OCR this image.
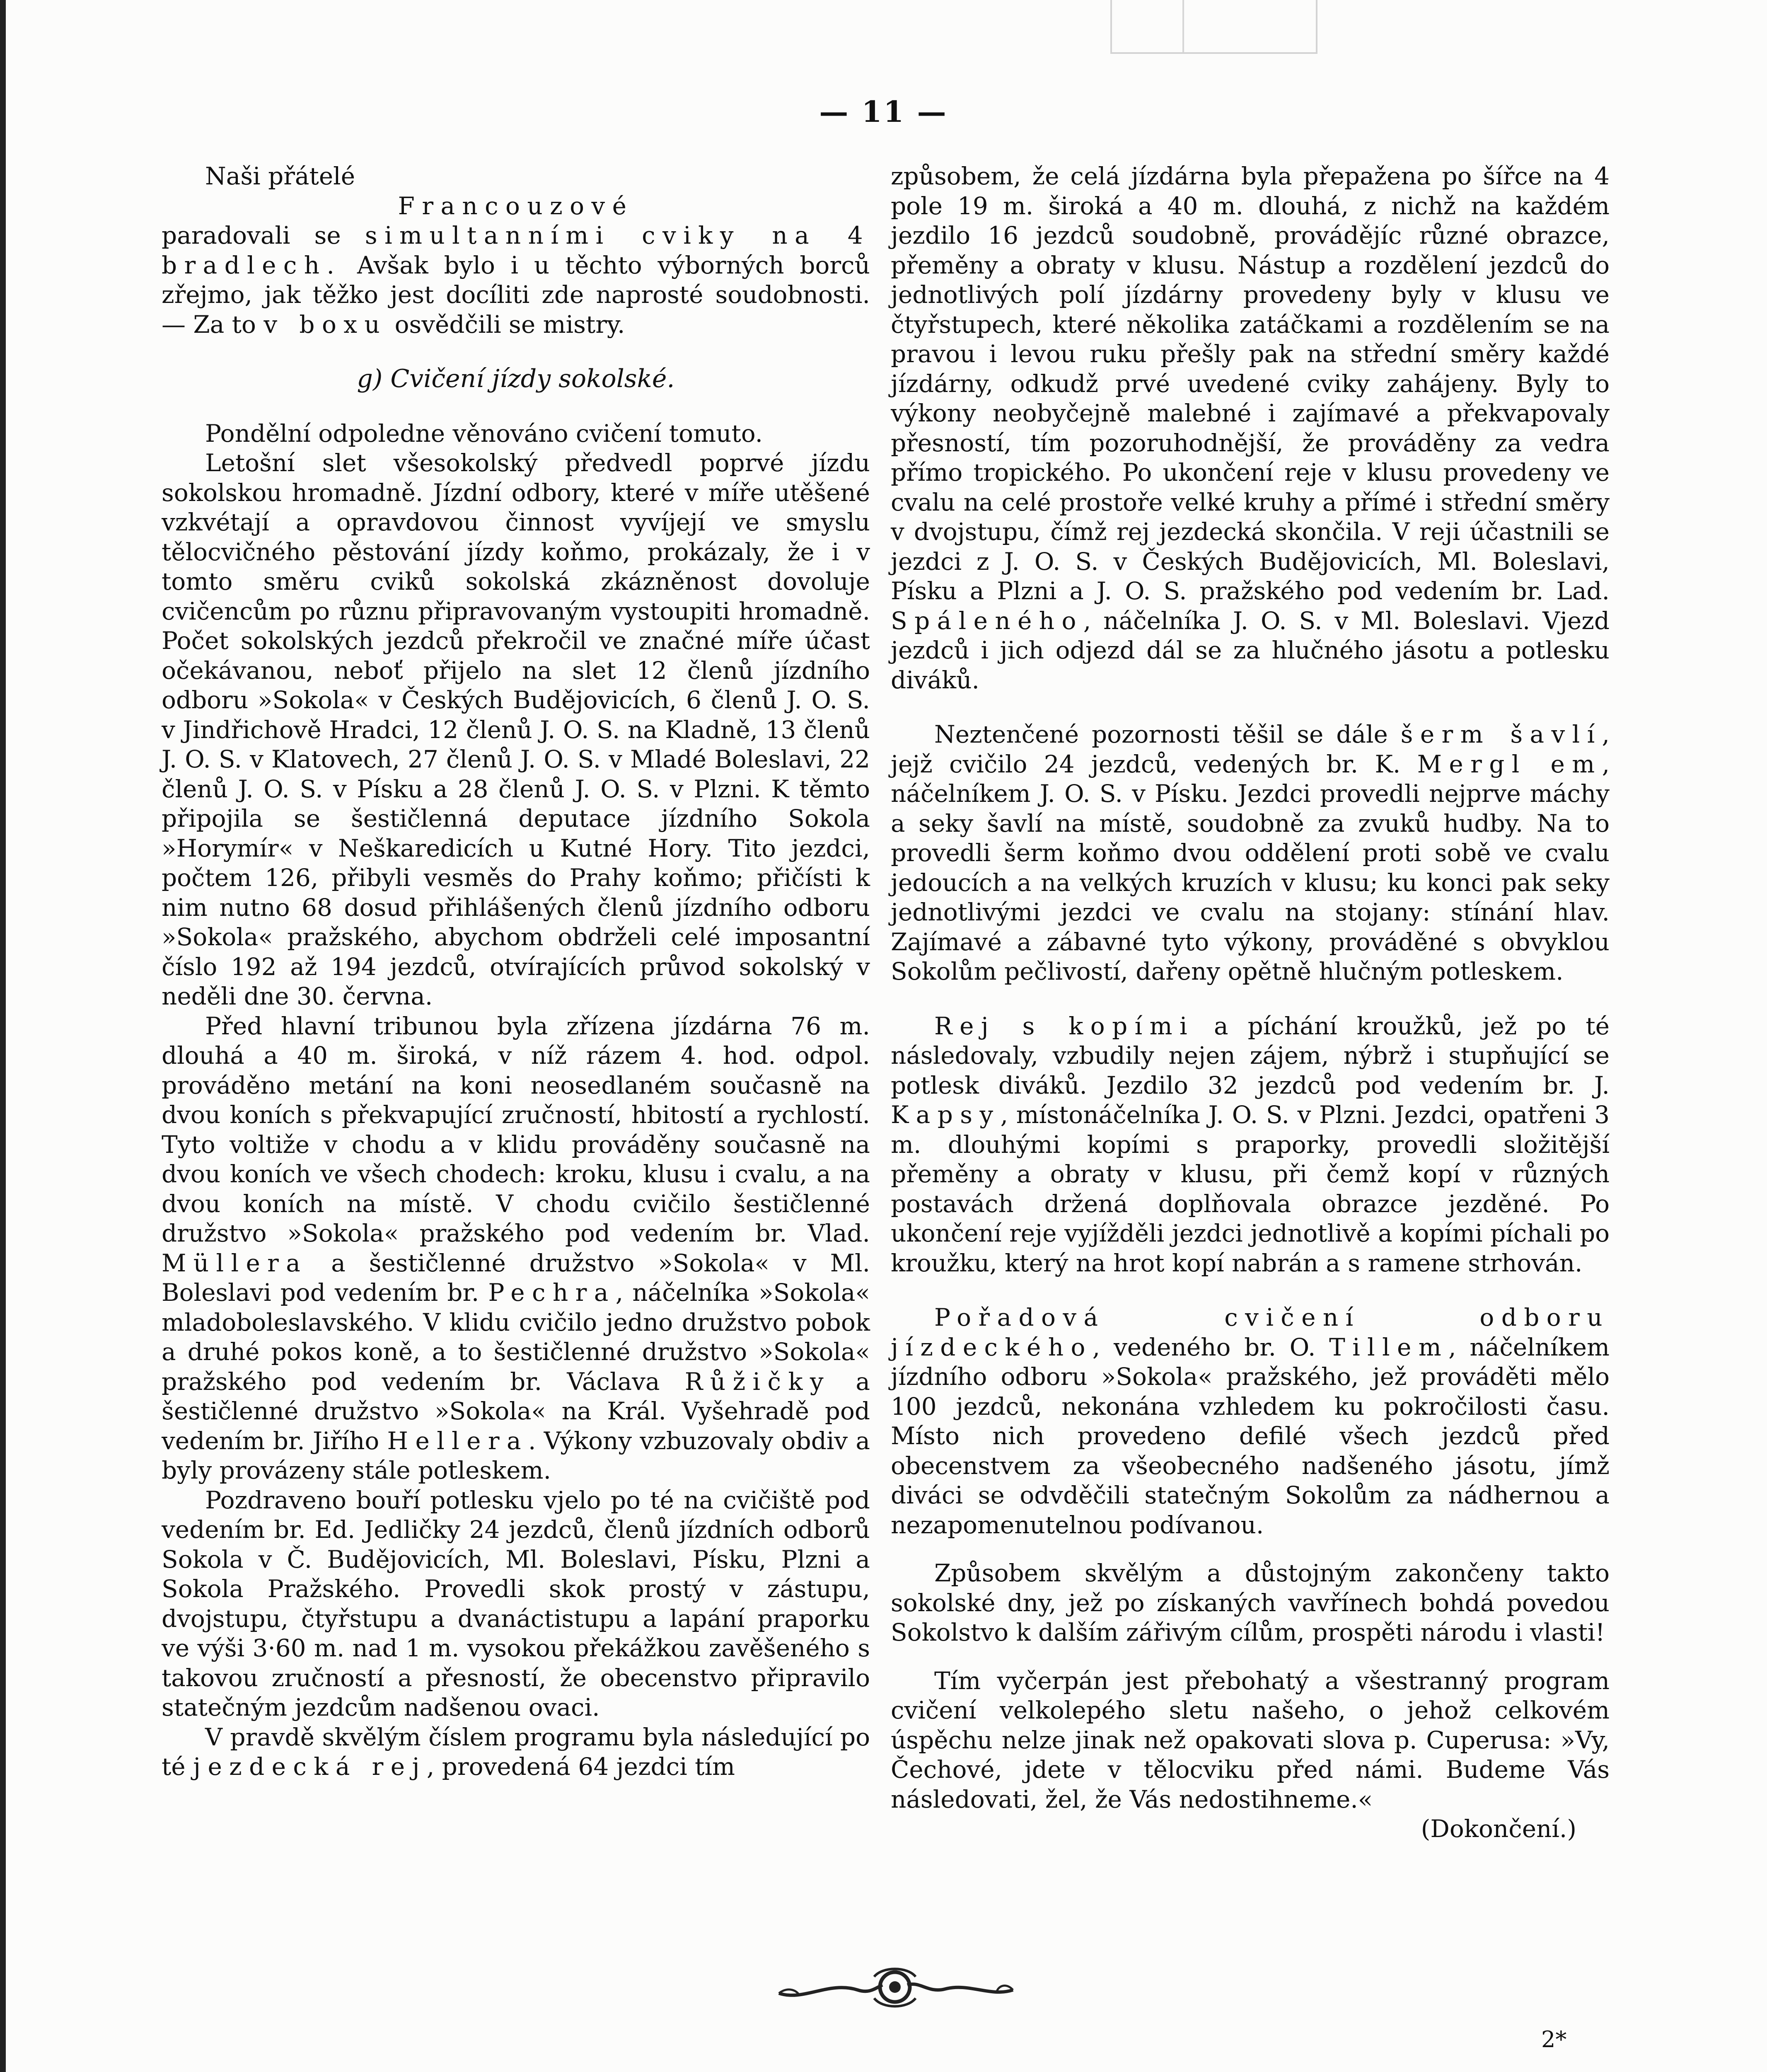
— 11 —

Naši přátelé

Francouzové

paradovali se simultanními cviky na 4 bradlech. Avšak bylo i u těchto výborných borců zřejmo, jak těžko jest docíliti zde naprosté soudobnosti. — Za to v boxu osvědčili se mistry.

g) Cvičení jízdy sokolské.

Pondělní odpoledne věnováno cvičení tomuto.

Letošní slet všesokolský předvedl poprvé jízdu sokolskou hromadně. Jízdní odbory, které v míře utěšené vzkvétají a opravdovou činnost vyvíjejí ve smyslu tělocvičného pěstování jízdy koňmo, prokázaly, že i v tomto směru cviků sokolská zkázněnost dovoluje cvičencům po různu připravovaným vystoupiti hromadně. Počet sokolských jezdců překročil ve značné míře účast očekávanou, neboť přijelo na slet 12 členů jízdního odboru »Sokola« v Českých Budějovicích, 6 členů J. O. S. v Jindřichově Hradci, 12 členů J. O. S. na Kladně, 13 členů J. O. S. v Klatovech, 27 členů J. O. S. v Mladé Boleslavi, 22 členů J. O. S. v Písku a 28 členů J. O. S. v Plzni. K těmto připojila se šestičlenná deputace jízdního Sokola »Horymír« v Neškaredicích u Kutné Hory. Tito jezdci, počtem 126, přibyli vesměs do Prahy koňmo; přičísti k nim nutno 68 dosud přihlášených členů jízdního odboru »Sokola« pražského, abychom obdrželi celé imposantní číslo 192 až 194 jezdců, otvírajících průvod sokolský v neděli dne 30. června.

Před hlavní tribunou byla zřízena jízdárna 76 m. dlouhá a 40 m. široká, v níž rázem 4. hod. odpol. prováděno metání na koni neosedlaném současně na dvou koních s překvapující zručností, hbitostí a rychlostí. Tyto voltiže v chodu a v klidu prováděny současně na dvou koních ve všech chodech: kroku, klusu i cvalu, a na dvou koních na místě. V chodu cvičilo šestičlenné družstvo »Sokola« pražského pod vedením br. Vlad. Müllera a šestičlenné družstvo »Sokola« v Ml. Boleslavi pod vedením br. Pechra, náčelníka »Sokola« mladoboleslavského. V klidu cvičilo jedno družstvo pobok a druhé pokos koně, a to šestičlenné družstvo »Sokola« pražského pod vedením br. Václava Růžičky a šestičlenné družstvo »Sokola« na Král. Vyšehradě pod vedením br. Jiřího Hellera. Výkony vzbuzovaly obdiv a byly provázeny stále potleskem.

Pozdraveno bouří potlesku vjelo po té na cvičiště pod vedením br. Ed. Jedličky 24 jezdců, členů jízdních odborů Sokola v Č. Budějovicích, Ml. Boleslavi, Písku, Plzni a Sokola Pražského. Provedli skok prostý v zástupu, dvojstupu, čtyřstupu a dvanáctistupu a lapání praporku ve výši 3·60 m. nad 1 m. vysokou překážkou zavěšeného s takovou zručností a přesností, že obecenstvo připravilo statečným jezdcům nadšenou ovaci.

V pravdě skvělým číslem programu byla následující po té jezdecká rej, provedená 64 jezdci tím

způsobem, že celá jízdárna byla přepažena po šířce na 4 pole 19 m. široká a 40 m. dlouhá, z nichž na každém jezdilo 16 jezdců soudobně, provádějíc různé obrazce, přeměny a obraty v klusu. Nástup a rozdělení jezdců do jednotlivých polí jízdárny provedeny byly v klusu ve čtyřstupech, které několika zatáčkami a rozdělením se na pravou i levou ruku přešly pak na střední směry každé jízdárny, odkudž prvé uvedené cviky zahájeny. Byly to výkony neobyčejně malebné i zajímavé a překvapovaly přesností, tím pozoruhodnější, že prováděny za vedra přímo tropického. Po ukončení reje v klusu provedeny ve cvalu na celé prostoře velké kruhy a přímé i střední směry v dvojstupu, čímž rej jezdecká skončila. V reji účastnili se jezdci z J. O. S. v Českých Budějovicích, Ml. Boleslavi, Písku a Plzni a J. O. S. pražského pod vedením br. Lad. Spáleného, náčelníka J. O. S. v Ml. Boleslavi. Vjezd jezdců i jich odjezd dál se za hlučného jásotu a potlesku diváků.

Neztenčené pozornosti těšil se dále šerm šavlí, jejž cvičilo 24 jezdců, vedených br. K. Mergl em, náčelníkem J. O. S. v Písku. Jezdci provedli nejprve máchy a seky šavlí na místě, soudobně za zvuků hudby. Na to provedli šerm koňmo dvou oddělení proti sobě ve cvalu jedoucích a na velkých kruzích v klusu; ku konci pak seky jednotlivými jezdci ve cvalu na stojany: stínání hlav. Zajímavé a zábavné tyto výkony, prováděné s obvyklou Sokolům pečlivostí, dařeny opětně hlučným potleskem.

Rej s kopími a píchání kroužků, jež po té následovaly, vzbudily nejen zájem, nýbrž i stupňující se potlesk diváků. Jezdilo 32 jezdců pod vedením br. J. Kapsy, místonáčelníka J. O. S. v Plzni. Jezdci, opatřeni 3 m. dlouhými kopími s praporky, provedli složitější přeměny a obraty v klusu, při čemž kopí v různých postavách držená doplňovala obrazce jezděné. Po ukončení reje vyjížděli jezdci jednotlivě a kopími píchali po kroužku, který na hrot kopí nabrán a s ramene strhován.

Pořadová cvičení odboru jízdeckého, vedeného br. O. Tillem, náčelníkem jízdního odboru »Sokola« pražského, jež prováděti mělo 100 jezdců, nekonána vzhledem ku pokročilosti času. Místo nich provedeno defilé všech jezdců před obecenstvem za všeobecného nadšeného jásotu, jímž diváci se odvděčili statečným Sokolům za nádhernou a nezapomenutelnou podívanou.

Způsobem skvělým a důstojným zakončeny takto sokolské dny, jež po získaných vavřínech bohdá povedou Sokolstvo k dalším zářivým cílům, prospěti národu i vlasti!

Tím vyčerpán jest přebohatý a všestranný program cvičení velkolepého sletu našeho, o jehož celkovém úspěchu nelze jinak než opakovati slova p. Cuperusa: »Vy, Čechové, jdete v tělocviku před námi. Budeme Vás následovati, žel, že Vás nedostihneme.«

(Dokončení.)

2*
